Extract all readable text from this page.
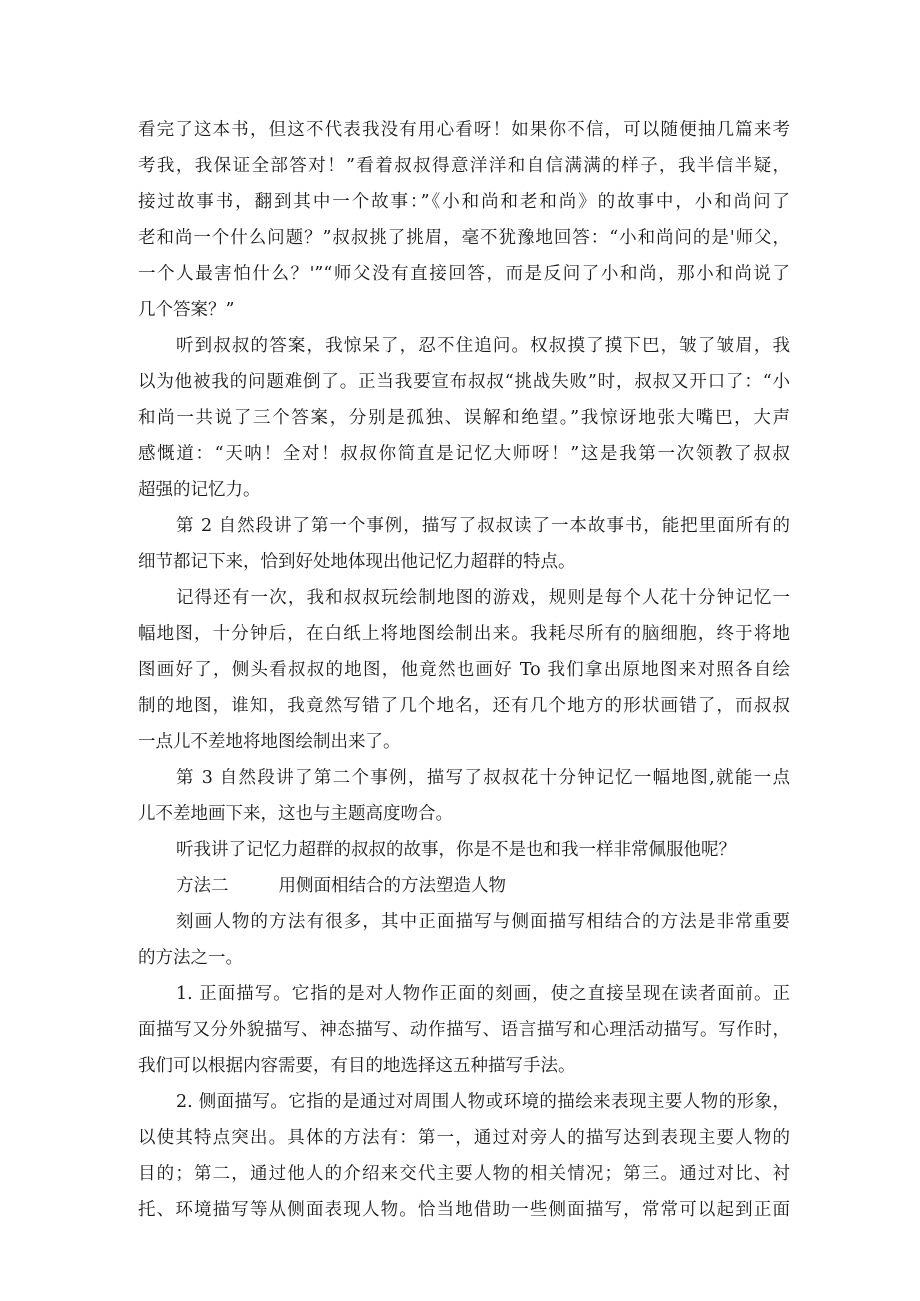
看完了这本书，但这不代表我没有用心看呀！如果你不信，可以随便抽几篇来考
考我，我保证全部答对！”看着叔叔得意洋洋和自信满满的样子，我半信半疑，
接过故事书，翻到其中一个故事：”《小和尚和老和尚》的故事中，小和尚问了
老和尚一个什么问题？”叔叔挑了挑眉，毫不犹豫地回答：“小和尚问的是'师父，
一个人最害怕什么？'”“师父没有直接回答，而是反问了小和尚，那小和尚说了
几个答案？”
听到叔叔的答案，我惊呆了，忍不住追问。权叔摸了摸下巴，皱了皱眉，我
以为他被我的问题难倒了。正当我要宣布叔叔“挑战失败”时，叔叔又开口了：“小
和尚一共说了三个答案，分别是孤独、误解和绝望。”我惊讶地张大嘴巴，大声
感慨道：“天呐！全对！叔叔你简直是记忆大师呀！”这是我第一次领教了叔叔
超强的记忆力。
第 2 自然段讲了第一个事例，描写了叔叔读了一本故事书，能把里面所有的
细节都记下来，恰到好处地体现出他记忆力超群的特点。
记得还有一次，我和叔叔玩绘制地图的游戏，规则是每个人花十分钟记忆一
幅地图，十分钟后，在白纸上将地图绘制出来。我耗尽所有的脑细胞，终于将地
图画好了，侧头看叔叔的地图，他竟然也画好 To 我们拿出原地图来对照各自绘
制的地图，谁知，我竟然写错了几个地名，还有几个地方的形状画错了，而叔叔
一点儿不差地将地图绘制出来了。
第 3 自然段讲了第二个事例，描写了叔叔花十分钟记忆一幅地图,就能一点
儿不差地画下来，这也与主题高度吻合。
听我讲了记忆力超群的叔叔的故事，你是不是也和我一样非常佩服他呢？
方法二	用侧面相结合的方法塑造人物
刻画人物的方法有很多，其中正面描写与侧面描写相结合的方法是非常重要
的方法之一。
1. 正面描写。它指的是对人物作正面的刻画，使之直接呈现在读者面前。正
面描写又分外貌描写、神态描写、动作描写、语言描写和心理活动描写。写作时，
我们可以根据内容需要，有目的地选择这五种描写手法。
2. 侧面描写。它指的是通过对周围人物或环境的描绘来表现主要人物的形象，
以使其特点突出。具体的方法有：第一，通过对旁人的描写达到表现主要人物的
目的；第二，通过他人的介绍来交代主要人物的相关情况；第三。通过对比、衬
托、环境描写等从侧面表现人物。恰当地借助一些侧面描写，常常可以起到正面
